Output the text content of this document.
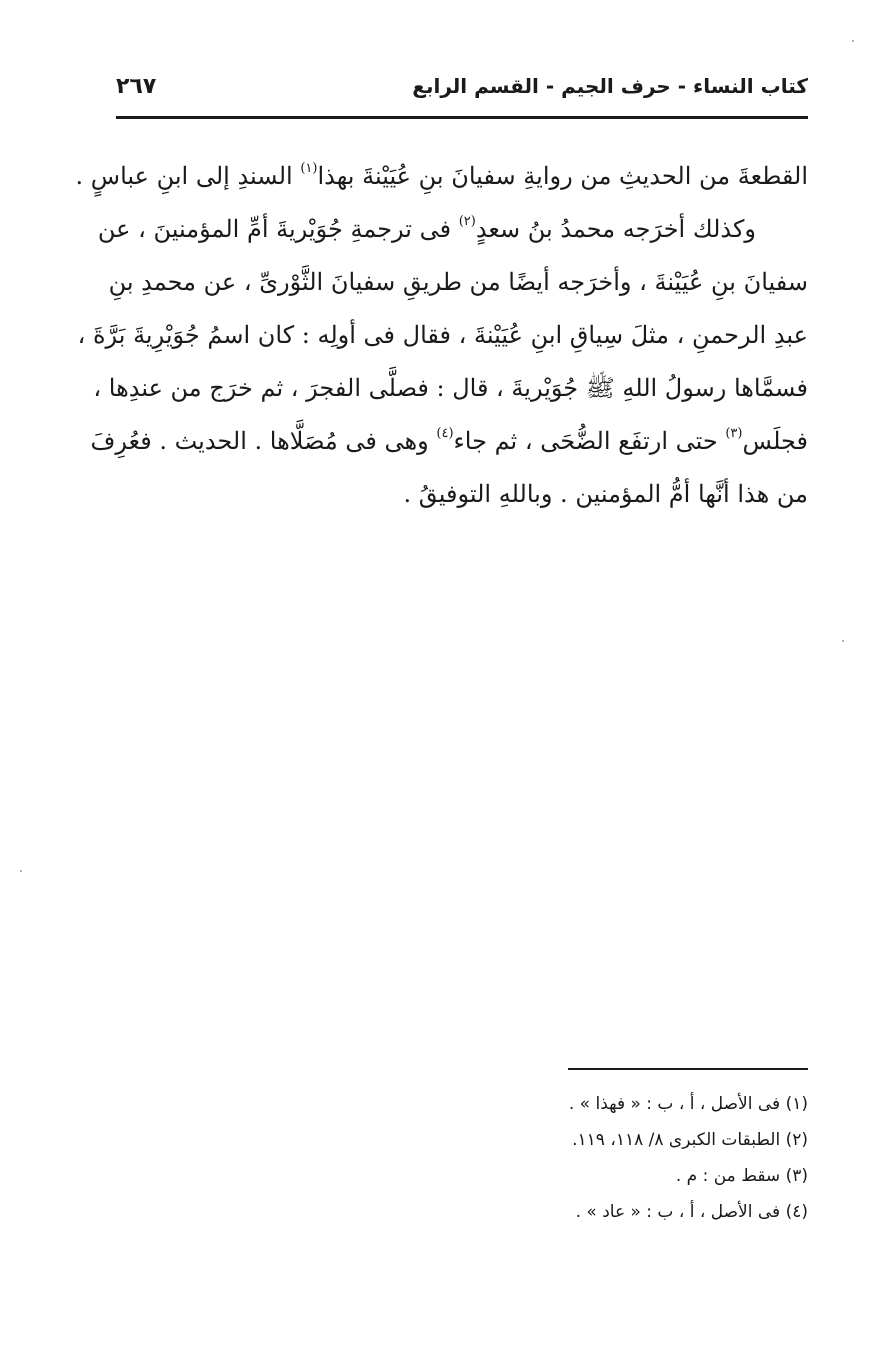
كتاب النساء - حرف الجيم - القسم الرابع
٢٦٧
القطعةَ من الحديثِ من روايةِ سفيانَ بنِ عُيَيْنةَ بهذا$^{(١)}$ السندِ إلى ابنِ عباسٍ .
وكذلك أخرَجه محمدُ بنُ سعدٍ$^{(٢)}$ فى ترجمةِ جُوَيْريةَ أمِّ المؤمنينَ ، عن
سفيانَ بنِ عُيَيْنةَ ، وأخرَجه أيضًا من طريقِ سفيانَ الثَّوْرىِّ ، عن محمدِ بنِ
عبدِ الرحمنِ ، مثلَ سِياقِ ابنِ عُيَيْنةَ ، فقال فى أولِه : كان اسمُ جُوَيْرِيةَ بَرَّةَ ،
فسمَّاها رسولُ اللهِ ﷺ جُوَيْريةَ ، قال : فصلَّى الفجرَ ، ثم خرَج من عندِها ،
فجلَس$^{(٣)}$ حتى ارتفَع الضُّحَى ، ثم جاء$^{(٤)}$ وهى فى مُصَلَّاها . الحديث . فعُرِفَ
من هذا أنَّها أمُّ المؤمنين . وباللهِ التوفيقُ .
(١) فى الأصل ، أ ، ب : « فهذا » .
(٢) الطبقات الكبرى ٨/ ١١٨، ١١٩.
(٣) سقط من : م .
(٤) فى الأصل ، أ ، ب : « عاد » .
